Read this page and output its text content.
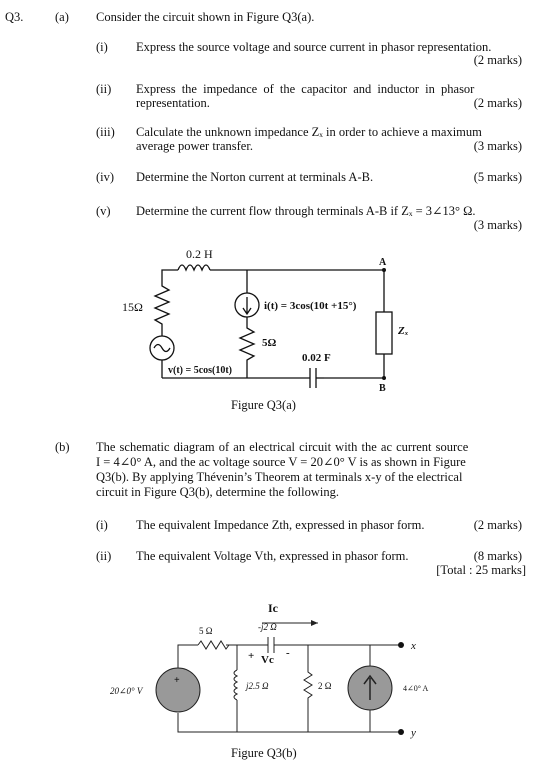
Q3.	(a) Consider the circuit shown in Figure Q3(a).
(i) Express the source voltage and source current in phasor representation.
(2 marks)
(ii) Express the impedance of the capacitor and inductor in phasor
representation.	(2 marks)
(iii) Calculate the unknown impedance Zₓ in order to achieve a maximum
average power transfer.	(3 marks)
(iv) Determine the Norton current at terminals A-B.	(5 marks)
(v) Determine the current flow through terminals A-B if Zₓ = 3∠13° Ω.
(3 marks)
0.2 H
15Ω	i(t) = 3cos(10t +15°)
5Ω
0.02 F
v(t) = 5cos(10t)
Zₓ
A
B
Ic
5 Ω	-j2 Ω
+ Vc
-
j2.5 Ω	2 Ω
20∠0° V
+
4∠0° A
x
y
Figure Q3(a)
(b) The schematic diagram of an electrical circuit with the ac current source
I = 4∠0° A, and the ac voltage source V = 20∠0° V is as shown in Figure
Q3(b). By applying Thévenin’s Theorem at terminals x-y of the electrical
circuit in Figure Q3(b), determine the following.
(i) The equivalent Impedance Zth, expressed in phasor form.	(2 marks)
(ii) The equivalent Voltage Vth, expressed in phasor form.	(8 marks)
[Total : 25 marks]
Figure Q3(b)
